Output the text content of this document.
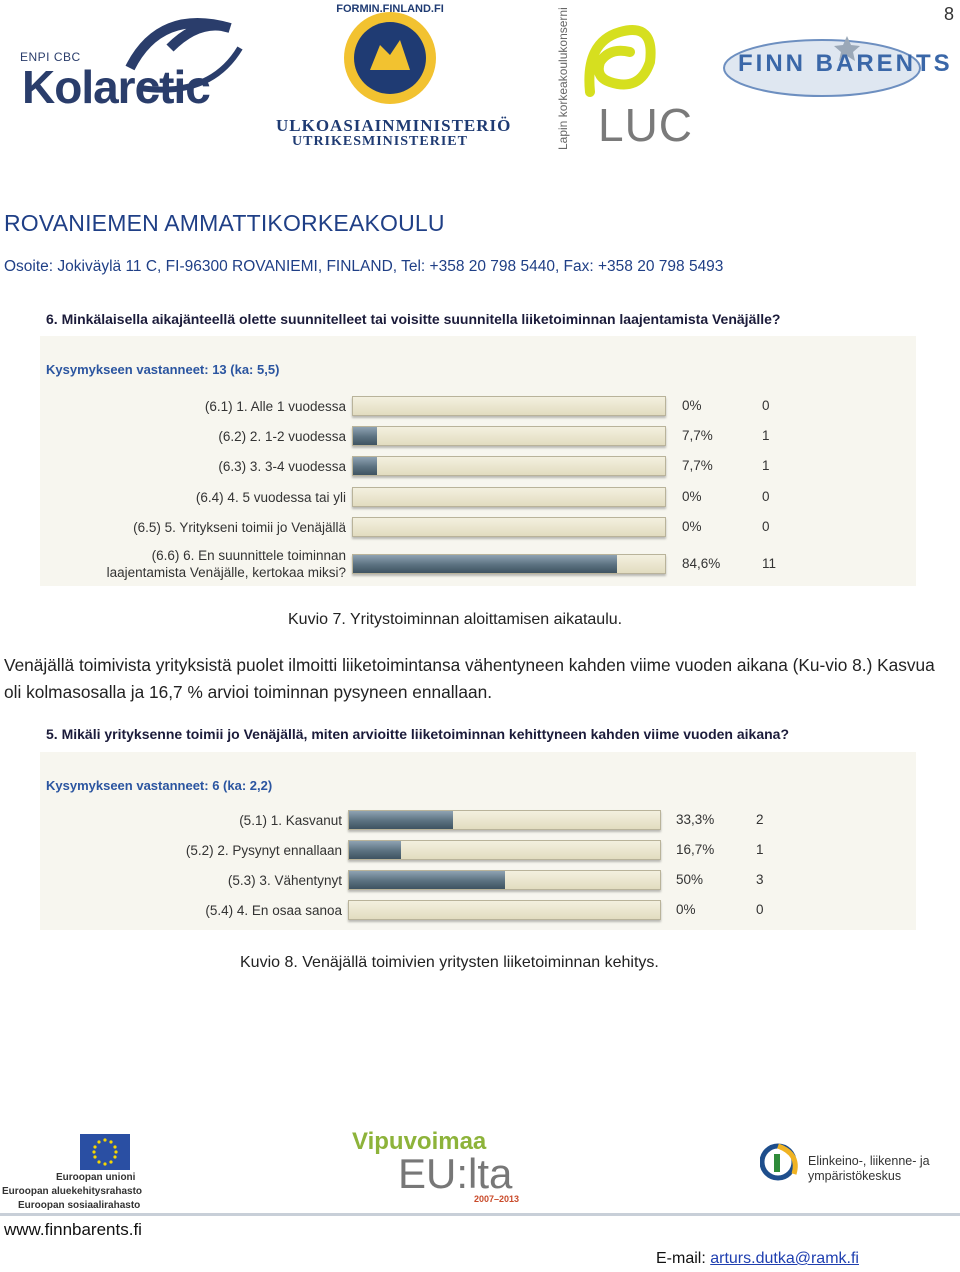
8
ENPI CBC
Kolarctic
FORMIN.FINLAND.FI
ULKOASIAINMINISTERIÖ
UTRIKESMINISTERIET	Lapin korkeakoulukonserni LUC
FINN BARENTS
ROVANIEMEN AMMATTIKORKEAKOULU
Osoite: Jokiväylä 11 C, FI-96300 ROVANIEMI, FINLAND, Tel: +358 20 798 5440, Fax: +358 20 798 5493
6. Minkälaisella aikajänteellä olette suunnitelleet tai voisitte suunnitella liiketoiminnan laajentamista Venäjälle?
Kysymykseen vastanneet: 13 (ka: 5,5)
(6.1) 1. Alle 1 vuodessa	0%	0
(6.2) 2. 1-2 vuodessa	7,7%	1
(6.3) 3. 3-4 vuodessa	7,7%	1
(6.4) 4. 5 vuodessa tai yli	0%	0
(6.5) 5. Yritykseni toimii jo Venäjällä	0%	0
(6.6) 6. En suunnittele toiminnan
laajentamista Venäjälle, kertokaa miksi?
84,6%	11
Kuvio 7. Yritystoiminnan aloittamisen aikataulu.
Venäjällä toimivista yrityksistä puolet ilmoitti liiketoimintansa vähentyneen kahden viime vuoden aikana (Ku-vio 8.) Kasvua oli kolmasosalla ja 16,7 % arvioi toiminnan pysyneen ennallaan.
5. Mikäli yrityksenne toimii jo Venäjällä, miten arvioitte liiketoiminnan kehittyneen kahden viime vuoden aikana?
Kysymykseen vastanneet: 6 (ka: 2,2)
(5.1) 1. Kasvanut	33,3%	2
(5.2) 2. Pysynyt ennallaan	16,7%	1
(5.3) 3. Vähentynyt	50%	3
(5.4) 4. En osaa sanoa	0%	0
Kuvio 8. Venäjällä toimivien yritysten liiketoiminnan kehitys.
Euroopan unioni
Euroopan aluekehitysrahasto
Euroopan sosiaalirahasto
Vipuvoimaa
EU:lta
2007–2013
Elinkeino-, liikenne- ja
ympäristökeskus
www.finnbarents.fi
E-mail: arturs.dutka@ramk.fi
